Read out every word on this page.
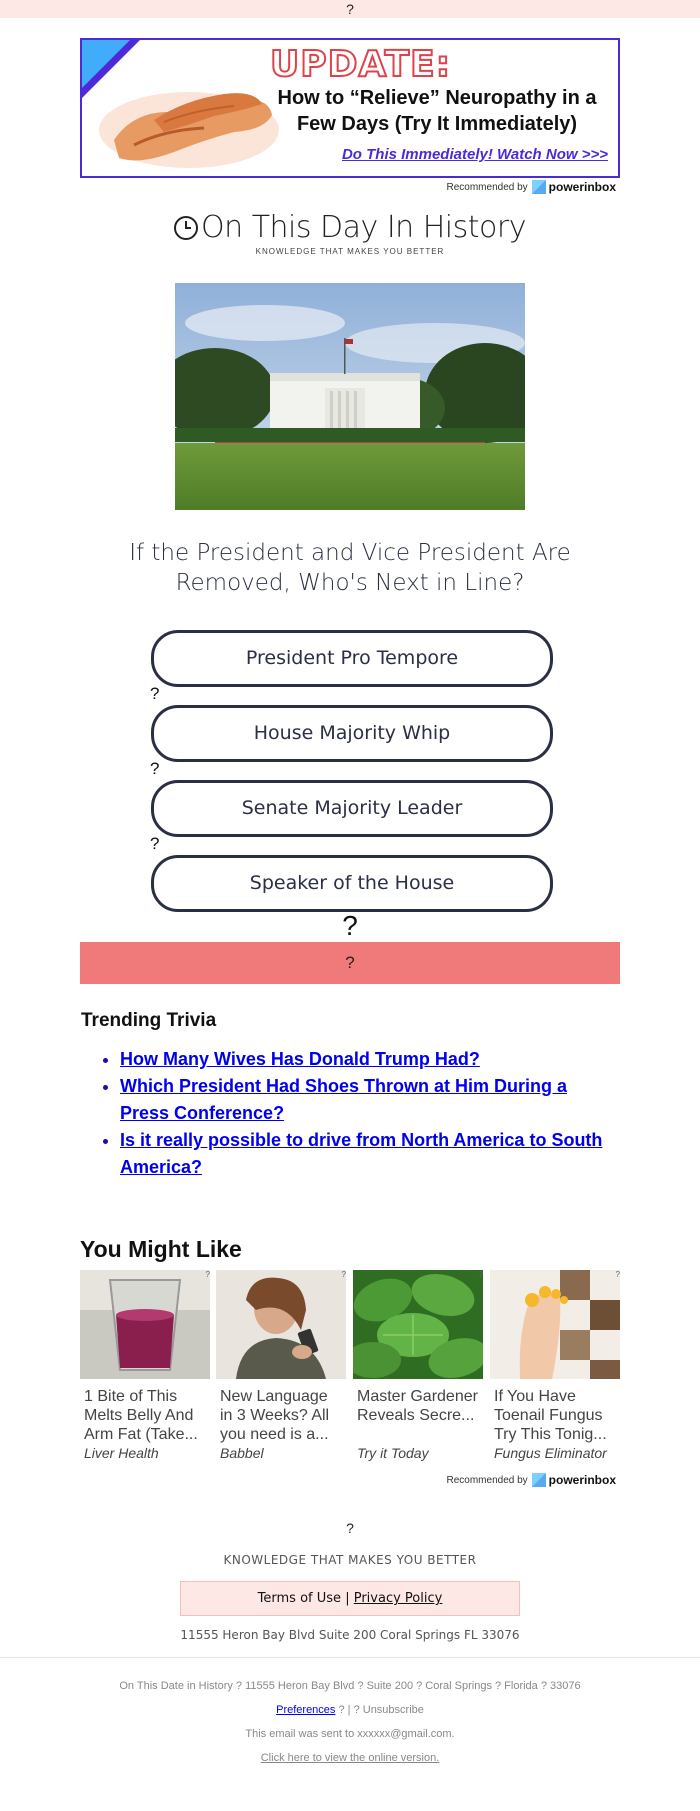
?
UPDATE:
How to “Relieve” Neuropathy in a Few Days (Try It Immediately)
Do This Immediately! Watch Now >>>
Recommended by powerinbox
On This Day In History
KNOWLEDGE THAT MAKES YOU BETTER
If the President and Vice President Are Removed, Who's Next in Line?
President Pro Tempore
?
House Majority Whip
?
Senate Majority Leader
?
Speaker of the House
?
?
Trending Trivia
• How Many Wives Has Donald Trump Had?
• Which President Had Shoes Thrown at Him During a Press Conference?
• Is it really possible to drive from North America to South America?
You Might Like
1 Bite of This Melts Belly And Arm Fat (Take...
Liver Health
?
New Language in 3 Weeks? All you need is a...
Babbel
?
Master Gardener Reveals Secre...
Try it Today
?
If You Have Toenail Fungus Try This Tonig...
Fungus Eliminator
?
Recommended by powerinbox
?
KNOWLEDGE THAT MAKES YOU BETTER
Terms of Use | Privacy Policy
11555 Heron Bay Blvd Suite 200 Coral Springs FL 33076
On This Date in History ? 11555 Heron Bay Blvd ? Suite 200 ? Coral Springs ? Florida ? 33076
Preferences ? | ? Unsubscribe
This email was sent to xxxxxx@gmail.com.
Click here to view the online version.
